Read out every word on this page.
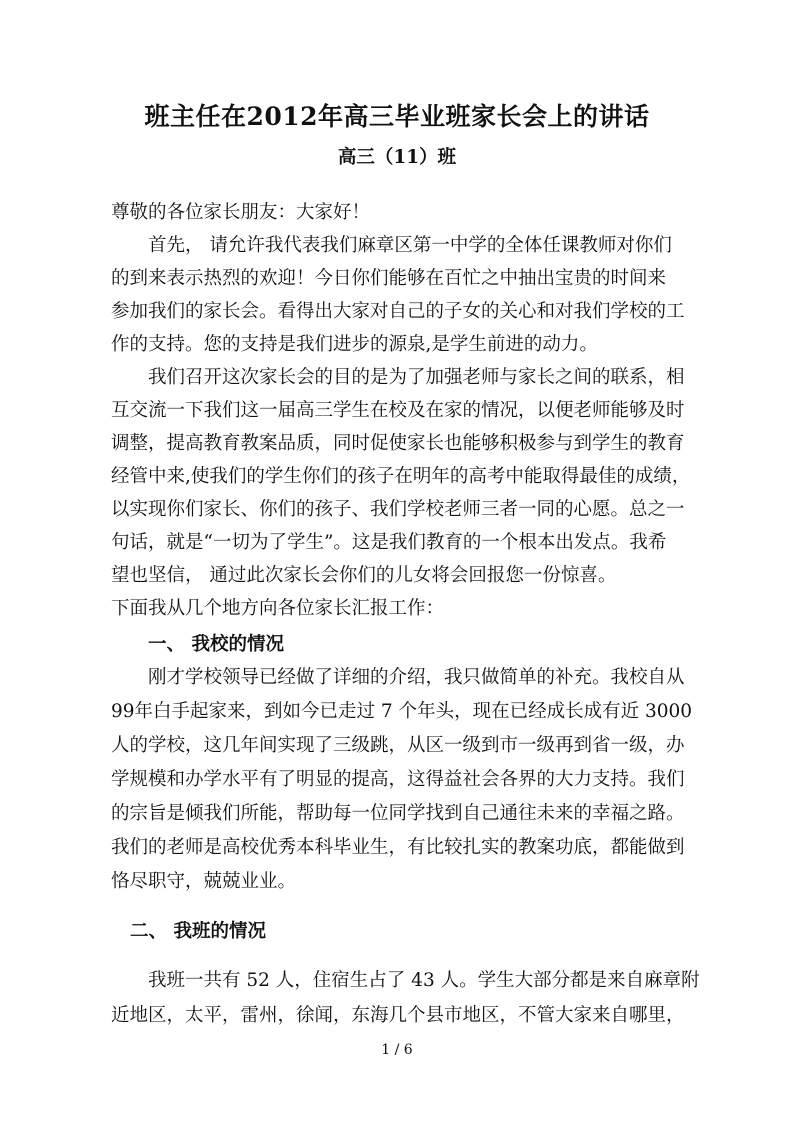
班主任在2012年高三毕业班家长会上的讲话
高三（11）班
尊敬的各位家长朋友：大家好！
首先， 请允许我代表我们麻章区第一中学的全体任课教师对你们
的到来表示热烈的欢迎！今日你们能够在百忙之中抽出宝贵的时间来
参加我们的家长会。看得出大家对自己的子女的关心和对我们学校的工
作的支持。您的支持是我们进步的源泉,是学生前进的动力。
我们召开这次家长会的目的是为了加强老师与家长之间的联系，相
互交流一下我们这一届高三学生在校及在家的情况，以便老师能够及时
调整，提高教育教案品质，同时促使家长也能够积极参与到学生的教育
经管中来,使我们的学生你们的孩子在明年的高考中能取得最佳的成绩，
以实现你们家长、你们的孩子、我们学校老师三者一同的心愿。总之一
句话，就是“一切为了学生”。这是我们教育的一个根本出发点。我希
望也坚信， 通过此次家长会你们的儿女将会回报您一份惊喜。
下面我从几个地方向各位家长汇报工作：
一、 我校的情况
刚才学校领导已经做了详细的介绍，我只做简单的补充。我校自从
99年白手起家来，到如今已走过 7 个年头，现在已经成长成有近 3000
人的学校，这几年间实现了三级跳，从区一级到市一级再到省一级，办
学规模和办学水平有了明显的提高，这得益社会各界的大力支持。我们
的宗旨是倾我们所能，帮助每一位同学找到自己通往未来的幸福之路。
我们的老师是高校优秀本科毕业生，有比较扎实的教案功底，都能做到
恪尽职守，兢兢业业。
二、 我班的情况
我班一共有 52 人，住宿生占了 43 人。学生大部分都是来自麻章附
近地区，太平，雷州，徐闻，东海几个县市地区，不管大家来自哪里，
1 / 6
